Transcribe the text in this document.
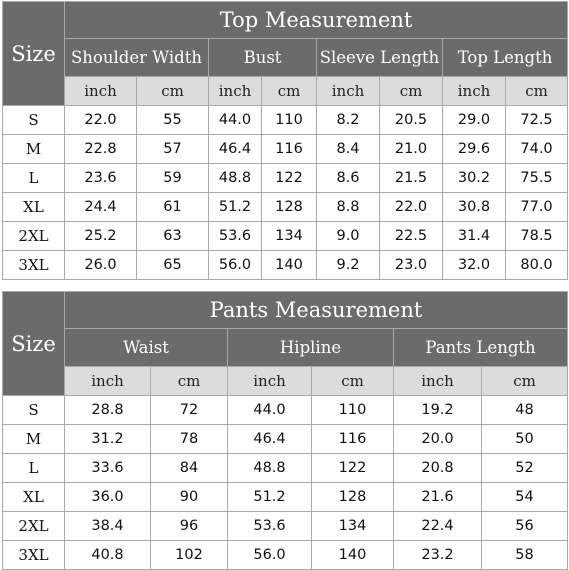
Size	Top Measurement							
	Shoulder Width		Bust		Sleeve Length		Top Length	
	inch	cm	inch	cm	inch	cm	inch	cm
S	22.0	55	44.0	110	8.2	20.5	29.0	72.5
M	22.8	57	46.4	116	8.4	21.0	29.6	74.0
L	23.6	59	48.8	122	8.6	21.5	30.2	75.5
XL	24.4	61	51.2	128	8.8	22.0	30.8	77.0
2XL	25.2	63	53.6	134	9.0	22.5	31.4	78.5
3XL	26.0	65	56.0	140	9.2	23.0	32.0	80.0
Size	Pants Measurement					
	Waist		Hipline		Pants Length	
	inch	cm	inch	cm	inch	cm
S	28.8	72	44.0	110	19.2	48
M	31.2	78	46.4	116	20.0	50
L	33.6	84	48.8	122	20.8	52
XL	36.0	90	51.2	128	21.6	54
2XL	38.4	96	53.6	134	22.4	56
3XL	40.8	102	56.0	140	23.2	58
